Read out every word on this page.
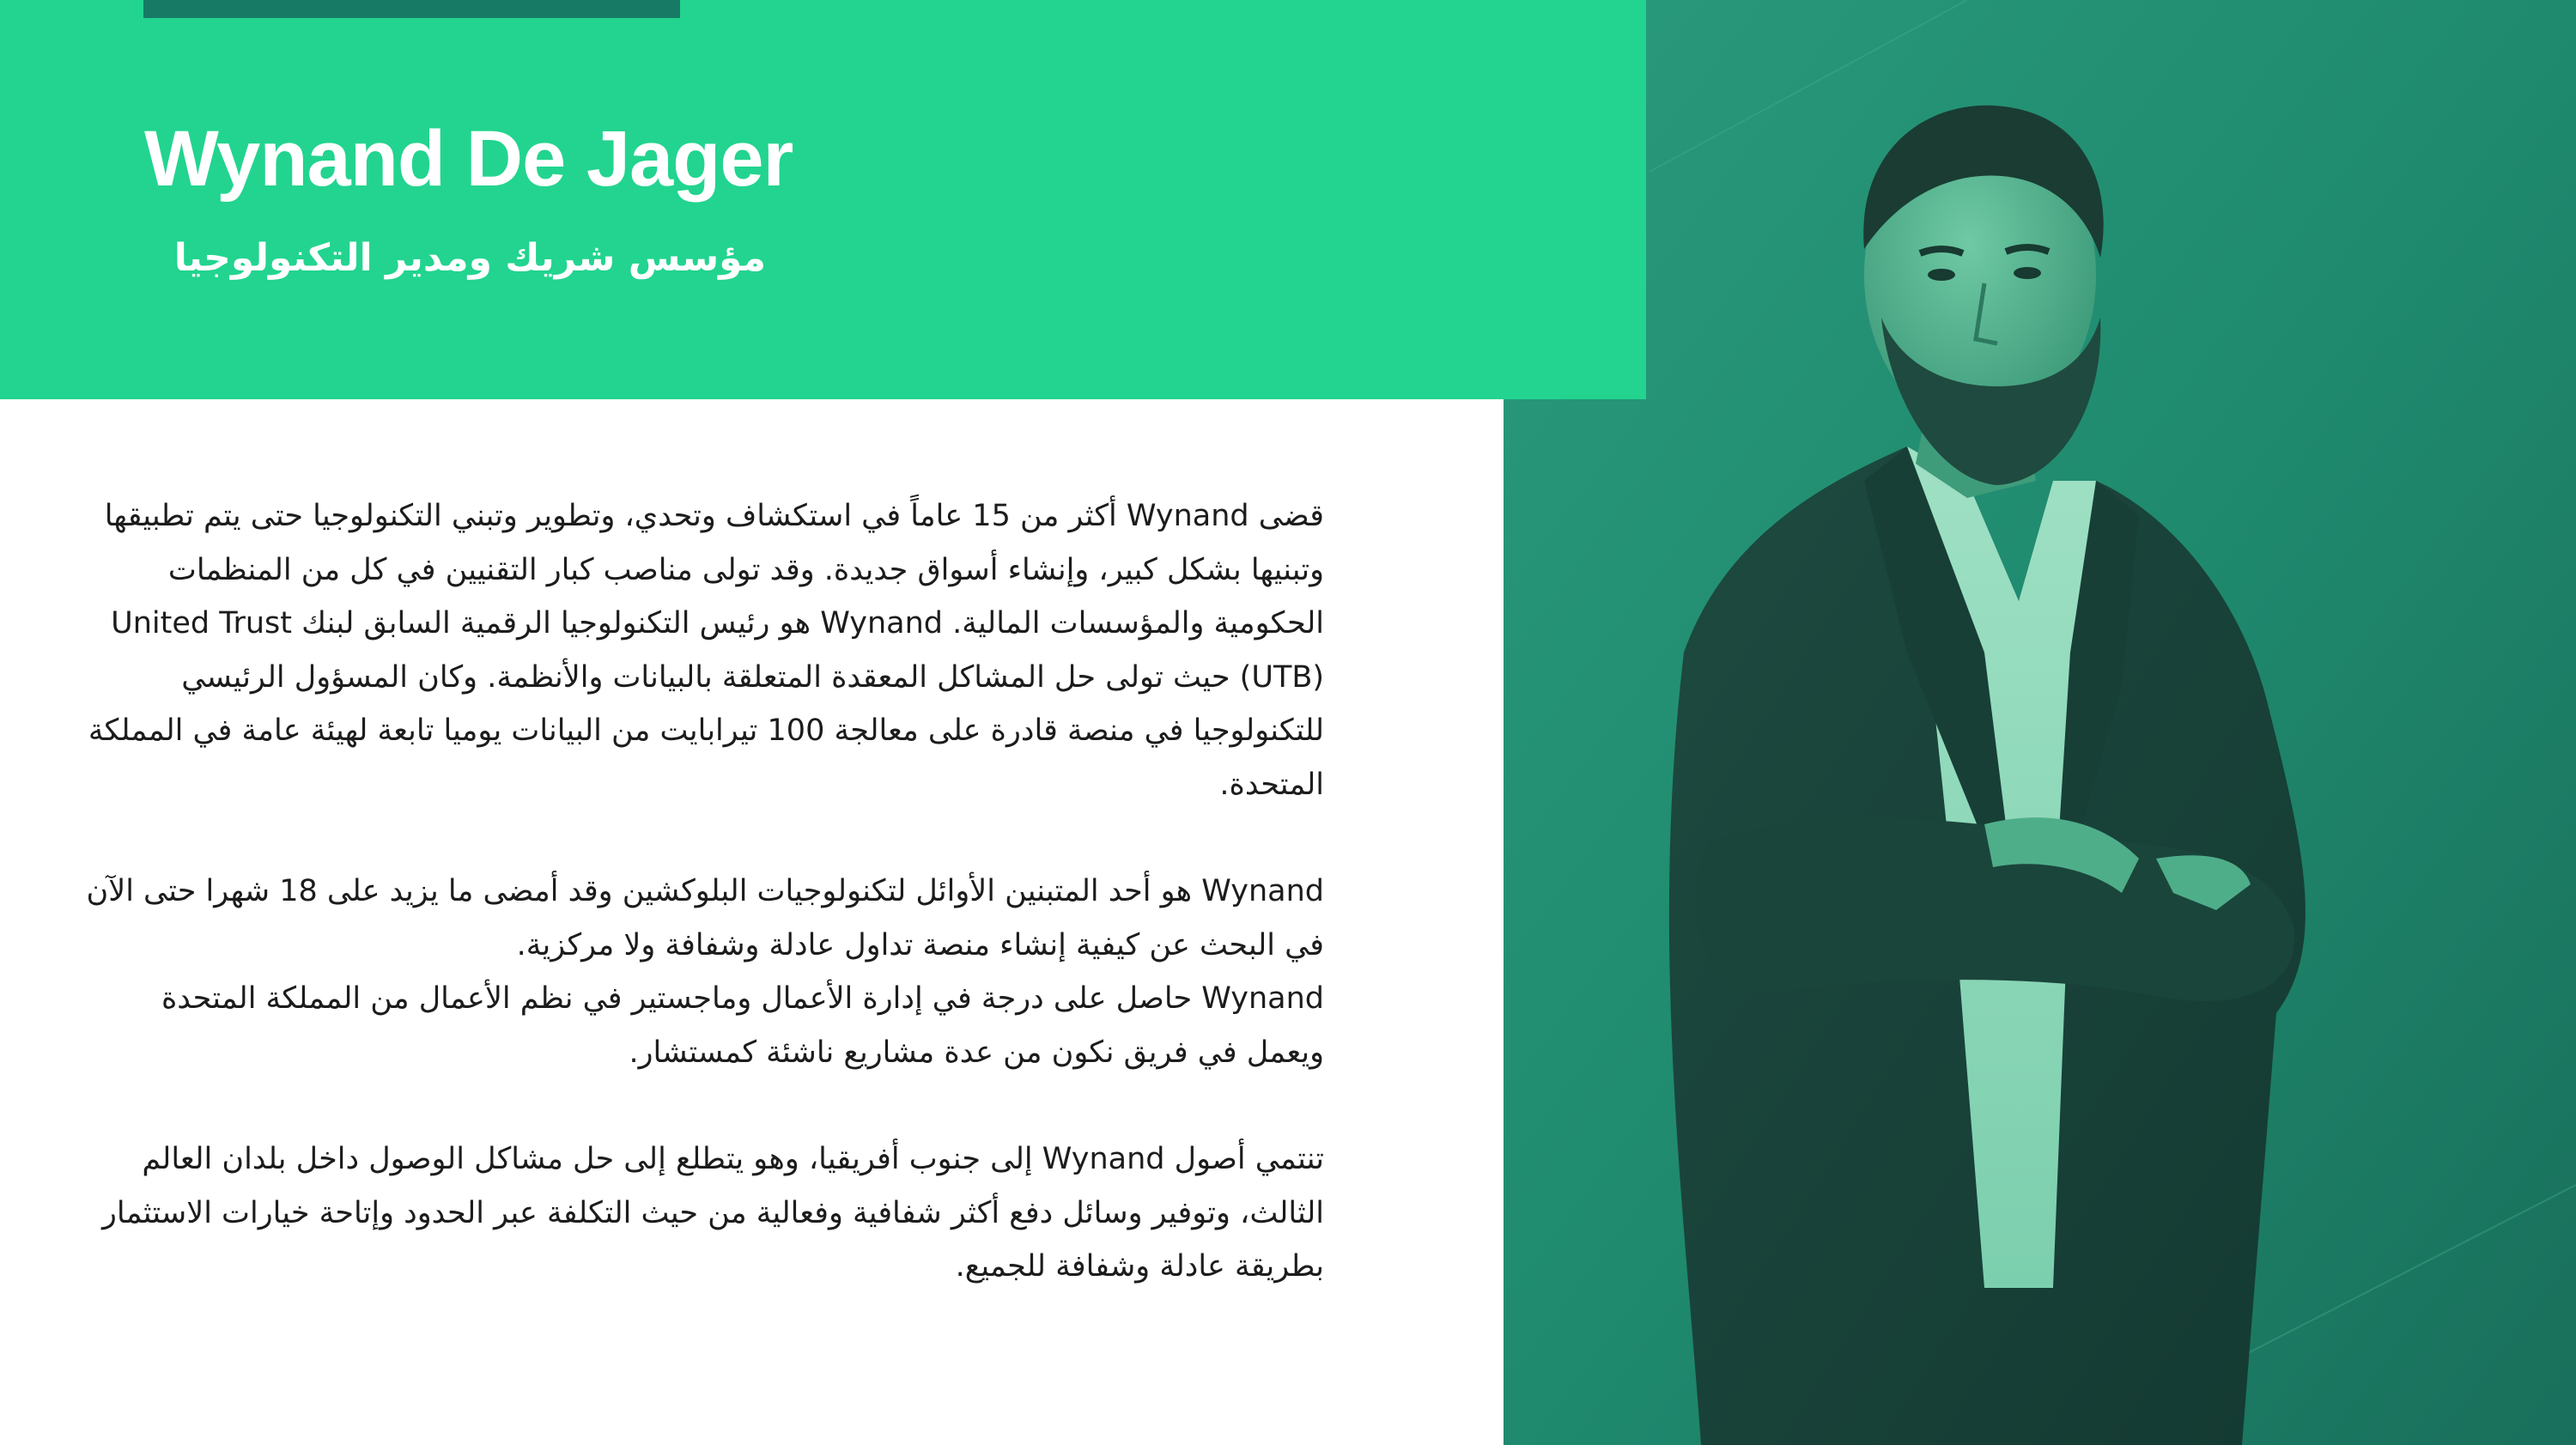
Wynand De Jager
مؤسس شريك ومدير التكنولوجيا

قضى Wynand أكثر من 15 عاماً في استكشاف وتحدي، وتطوير وتبني التكنولوجيا حتى يتم تطبيقها وتبنيها بشكل كبير، وإنشاء أسواق جديدة. وقد تولى مناصب كبار التقنيين في كل من المنظمات الحكومية والمؤسسات المالية. Wynand هو رئيس التكنولوجيا الرقمية السابق لبنك United Trust (UTB) حيث تولى حل المشاكل المعقدة المتعلقة بالبيانات والأنظمة. وكان المسؤول الرئيسي للتكنولوجيا في منصة قادرة على معالجة 100 تيرابايت من البيانات يوميا تابعة لهيئة عامة في المملكة المتحدة.

Wynand هو أحد المتبنين الأوائل لتكنولوجيات البلوكشين وقد أمضى ما يزيد على 18 شهرا حتى الآن في البحث عن كيفية إنشاء منصة تداول عادلة وشفافة ولا مركزية.

Wynand حاصل على درجة في إدارة الأعمال وماجستير في نظم الأعمال من المملكة المتحدة ويعمل في فريق نكون من عدة مشاريع ناشئة كمستشار.

تنتمي أصول Wynand إلى جنوب أفريقيا، وهو يتطلع إلى حل مشاكل الوصول داخل بلدان العالم الثالث، وتوفير وسائل دفع أكثر شفافية وفعالية من حيث التكلفة عبر الحدود وإتاحة خيارات الاستثمار بطريقة عادلة وشفافة للجميع.
